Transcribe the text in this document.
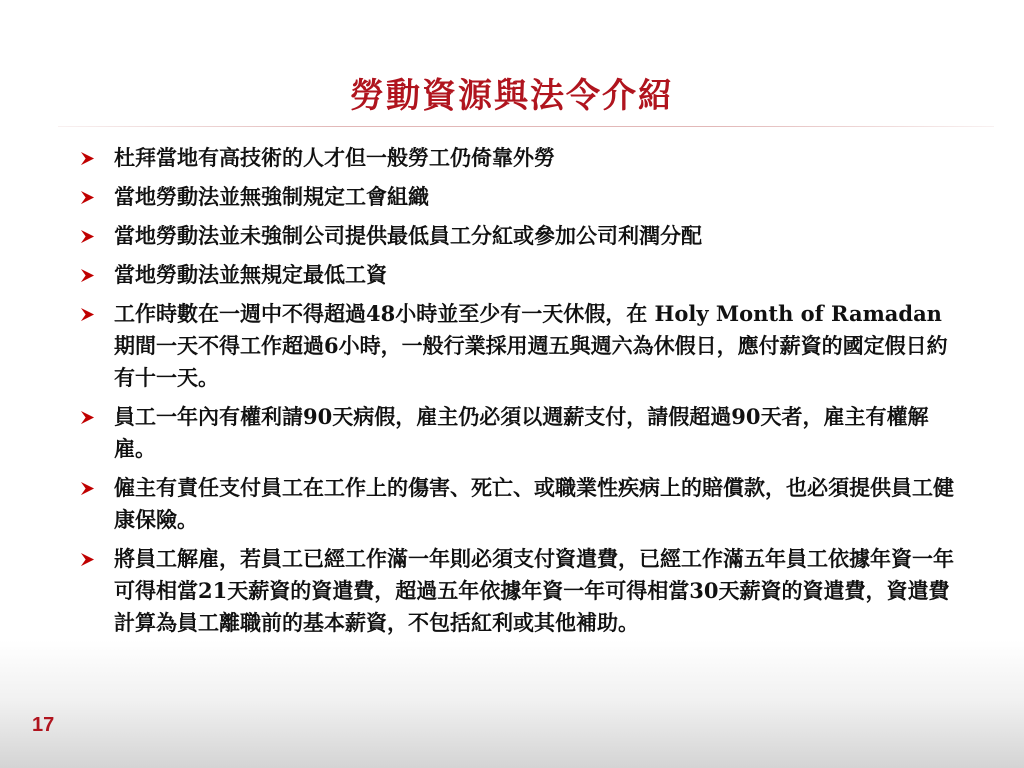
勞動資源與法令介紹
杜拜當地有高技術的人才但一般勞工仍倚靠外勞
當地勞動法並無強制規定工會組織
當地勞動法並未強制公司提供最低員工分紅或參加公司利潤分配
當地勞動法並無規定最低工資
工作時數在一週中不得超過48小時並至少有一天休假，在 Holy Month of Ramadan 期間一天不得工作超過6小時，一般行業採用週五與週六為休假日，應付薪資的國定假日約有十一天。
員工一年內有權利請90天病假，雇主仍必須以週薪支付，請假超過90天者，雇主有權解雇。
僱主有責任支付員工在工作上的傷害、死亡、或職業性疾病上的賠償款，也必須提供員工健康保險。
將員工解雇，若員工已經工作滿一年則必須支付資遣費，已經工作滿五年員工依據年資一年可得相當21天薪資的資遣費，超過五年依據年資一年可得相當30天薪資的資遣費，資遣費計算為員工離職前的基本薪資，不包括紅利或其他補助。
17
